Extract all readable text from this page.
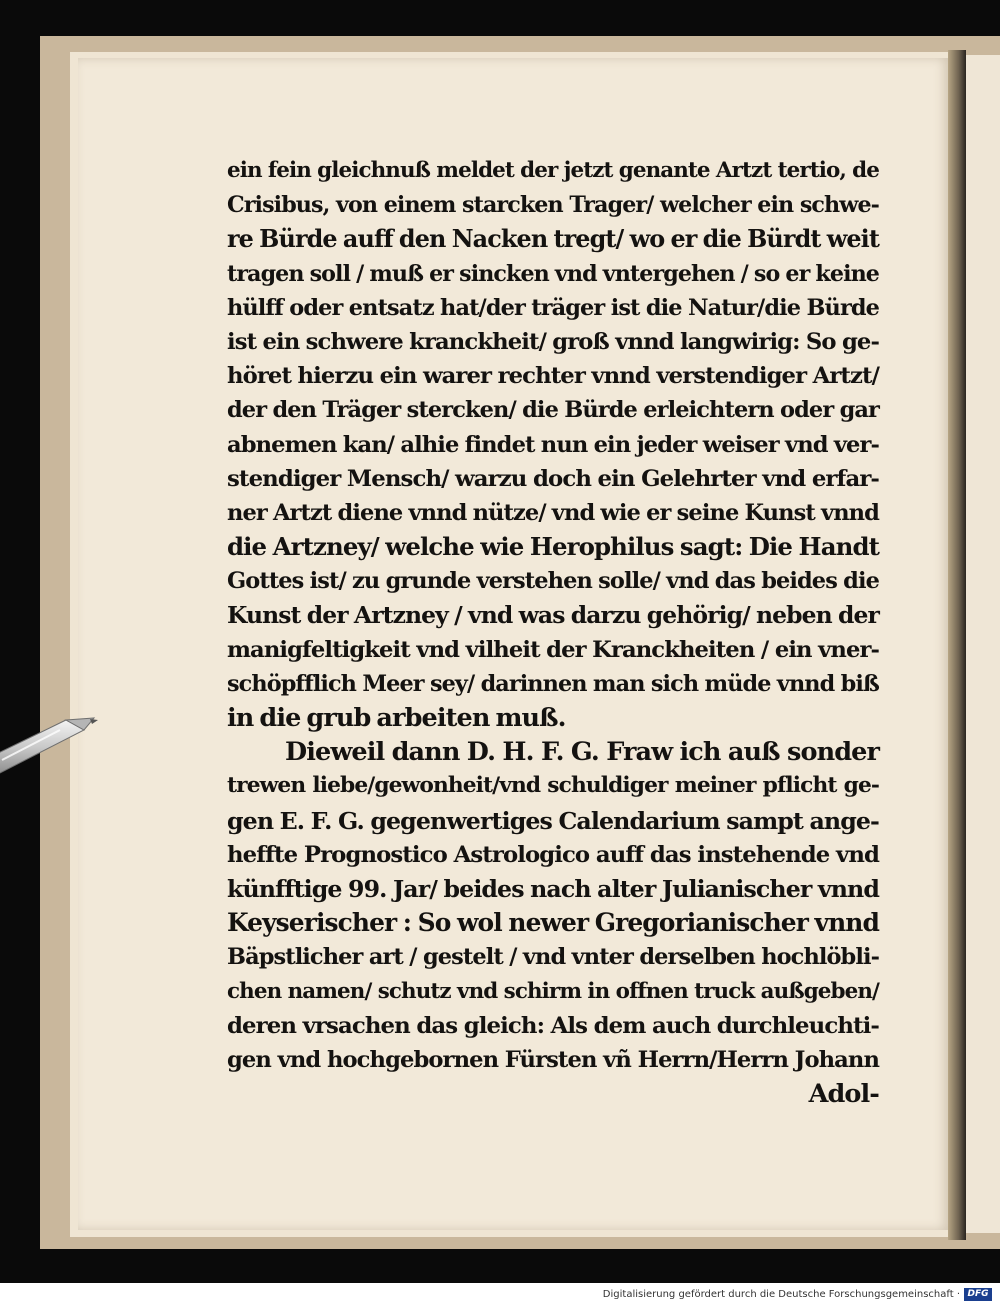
ein fein gleichnuß meldet der jetzt genante Artzt tertio, de
Crisibus, von einem starcken Trager/ welcher ein schwe-
re Bürde auff den Nacken tregt/ wo er die Bürdt weit
tragen soll / muß er sincken vnd vntergehen / so er keine
hülff oder entsatz hat/der träger ist die Natur/die Bürde
ist ein schwere kranckheit/ groß vnnd langwirig: So ge-
höret hierzu ein warer rechter vnnd verstendiger Artzt/
der den Träger stercken/ die Bürde erleichtern oder gar
abnemen kan/ alhie findet nun ein jeder weiser vnd ver-
stendiger Mensch/ warzu doch ein Gelehrter vnd erfar-
ner Artzt diene vnnd nütze/ vnd wie er seine Kunst vnnd
die Artzney/ welche wie Herophilus sagt: Die Handt
Gottes ist/ zu grunde verstehen solle/ vnd das beides die
Kunst der Artzney / vnd was darzu gehörig/ neben der
manigfeltigkeit vnd vilheit der Kranckheiten / ein vner-
schöpfflich Meer sey/ darinnen man sich müde vnnd biß
in die grub arbeiten muß.
Dieweil dann D. H. F. G. Fraw ich auß sonder
trewen liebe/gewonheit/vnd schuldiger meiner pflicht ge-
gen E. F. G. gegenwertiges Calendarium sampt ange-
hefftе Prognostico Astrologico auff das instehende vnd
künfftige 99. Jar/ beides nach alter Julianischer vnnd
Keyserischer : So wol newer Gregorianischer vnnd
Bäpstlicher art / gestelt / vnd vnter derselben hochlöbli-
chen namen/ schutz vnd schirm in offnen truck außgeben/
deren vrsachen das gleich: Als dem auch durchleuchti-
gen vnd hochgebornen Fürsten vñ Herrn/Herrn Johann
Adol-
Digitalisierung gefördert durch die Deutsche Forschungsgemeinschaft · DFG
